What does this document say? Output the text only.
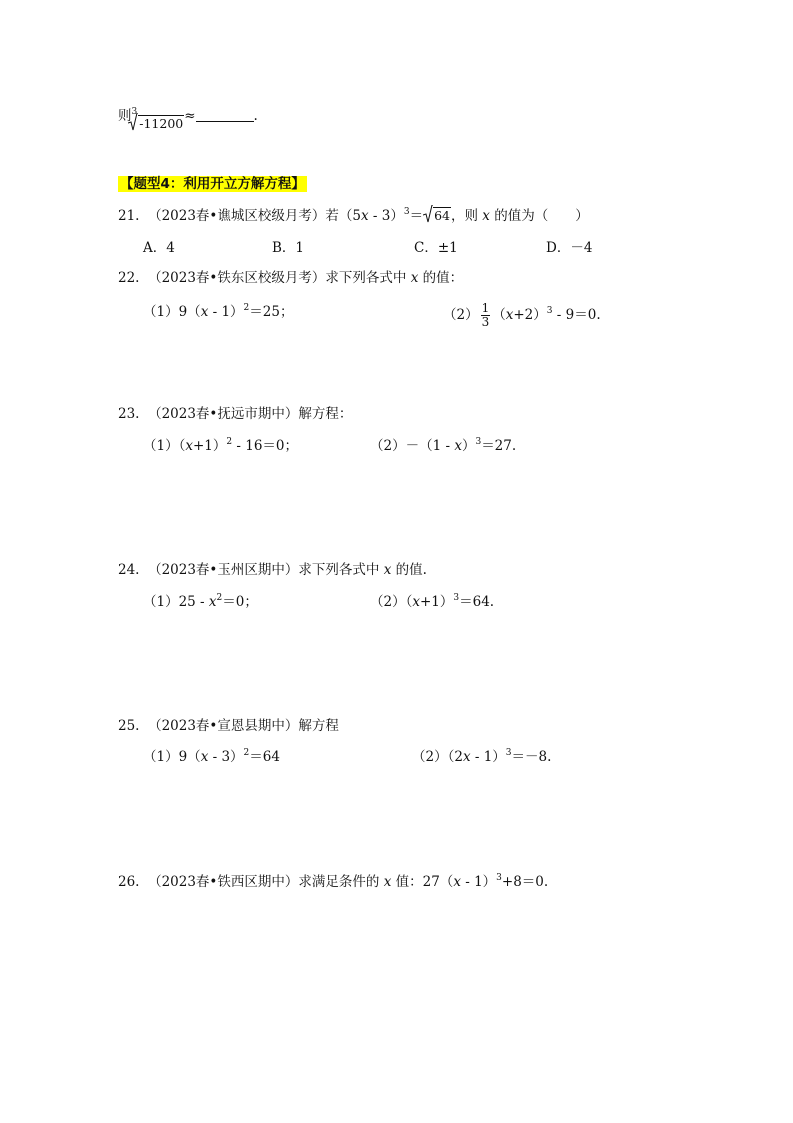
则 3
-11200 ≈	.
【题型4：利用开立方解方程】
21. （2023春•谯城区校级月考）若（5x - 3）$^3$＝ 64 ，则 x 的值为（　　）
A．4	B．1	C．±1	D．－4
22. （2023春•铁东区校级月考）求下列各式中 x 的值：
（1）9（x - 1）$^2$＝25；	$(2) \frac{1}{3} (x+2)^3 - 9=0$.
23. （2023春•抚远市期中）解方程：
$(1)(x+1)^2 - 16=0$；	（2）－（1 - x）$^3$＝27.
24. （2023春•玉州区期中）求下列各式中 x 的值.
$(1)25 - x^2=0$；	$(2)(x+1)^3=64$.
25. （2023春•宣恩县期中）解方程
（1）9（x - 3）$^2$＝64	（2）（2x - 1）$^3$＝－8.
26. （2023春•铁西区期中）求满足条件的 x 值：27（x - 1）$^3$+8＝0.
